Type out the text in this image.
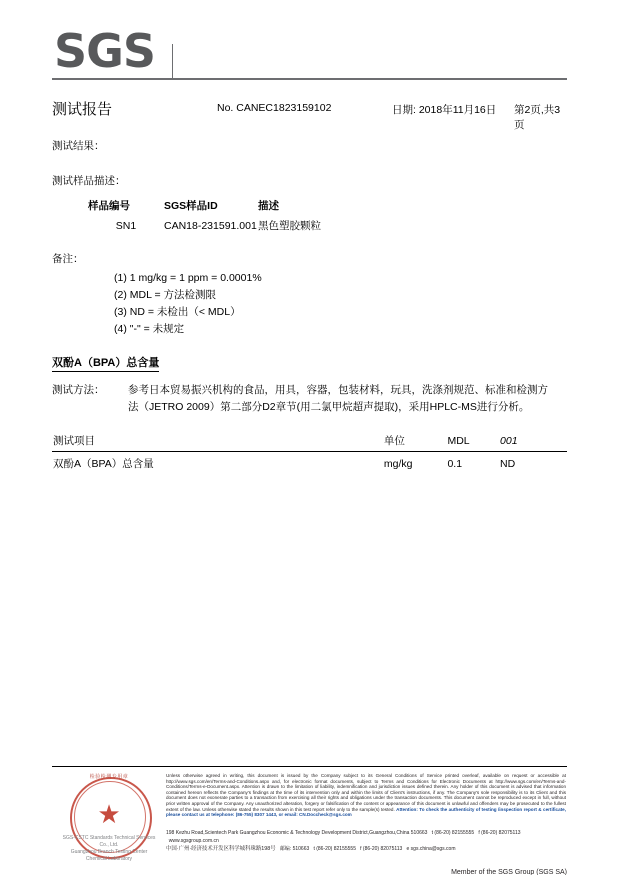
SGS
测试报告	No. CANEC1823159102	日期: 2018年11月16日 第2页,共3页
测试结果：
测试样品描述：
样品编号	SGS样品ID	描述
SN1	CAN18-231591.001	黑色塑胶颗粒
备注：
(1) 1 mg/kg = 1 ppm = 0.0001%
(2) MDL = 方法检测限
(3) ND = 未检出（< MDL）
(4) "-" = 未规定
双酚A（BPA）总含量
测试方法：	参考日本贸易振兴机构的食品，用具，容器，包装材料，玩具，洗涤剂规范、标准和检测方
法（JETRO 2009）第二部分D2章节(用二氯甲烷超声提取)，采用HPLC-MS进行分析。
测试项目	单位	MDL	001
双酚A（BPA）总含量	mg/kg	0.1	ND
★
检验检测专用章
SGS-CSTC Standards Technical Services Co., Ltd.
Guangzhou Branch Testing Center Chemical Laboratory
Unless otherwise agreed in writing, this document is issued by the Company subject to its General Conditions of Service printed overleaf, available on request or accessible at http://www.sgs.com/en/Terms-and-Conditions.aspx and, for electronic format documents, subject to Terms and Conditions for Electronic Documents at http://www.sgs.com/en/Terms-and-Conditions/Terms-e-Document.aspx. Attention is drawn to the limitation of liability, indemnification and jurisdiction issues defined therein. Any holder of this document is advised that information contained hereon reflects the Company's findings at the time of its intervention only and within the limits of Client's instructions, if any. The Company's sole responsibility is to its Client and this document does not exonerate parties to a transaction from exercising all their rights and obligations under the transaction documents. This document cannot be reproduced except in full, without prior written approval of the Company. Any unauthorized alteration, forgery or falsification of the content or appearance of this document is unlawful and offenders may be prosecuted to the fullest extent of the law. Unless otherwise stated the results shown in this test report refer only to the sample(s) tested. Attention: To check the authenticity of testing /inspection report & certificate, please contact us at telephone: (86-755) 8307 1443, or email: CN.Doccheck@sgs.com
198 Kezhu Road,Scientech Park Guangzhou Economic & Technology Development District,Guangzhou,China 510663 t (86-20) 82155555 f (86-20) 82075113   www.sgsgroup.com.cn
中国·广州·经济技术开发区科学城科珠路198号 邮编: 510663 t (86-20) 82155555 f (86-20) 82075113 e sgs.china@sgs.com
Member of the SGS Group (SGS SA)
